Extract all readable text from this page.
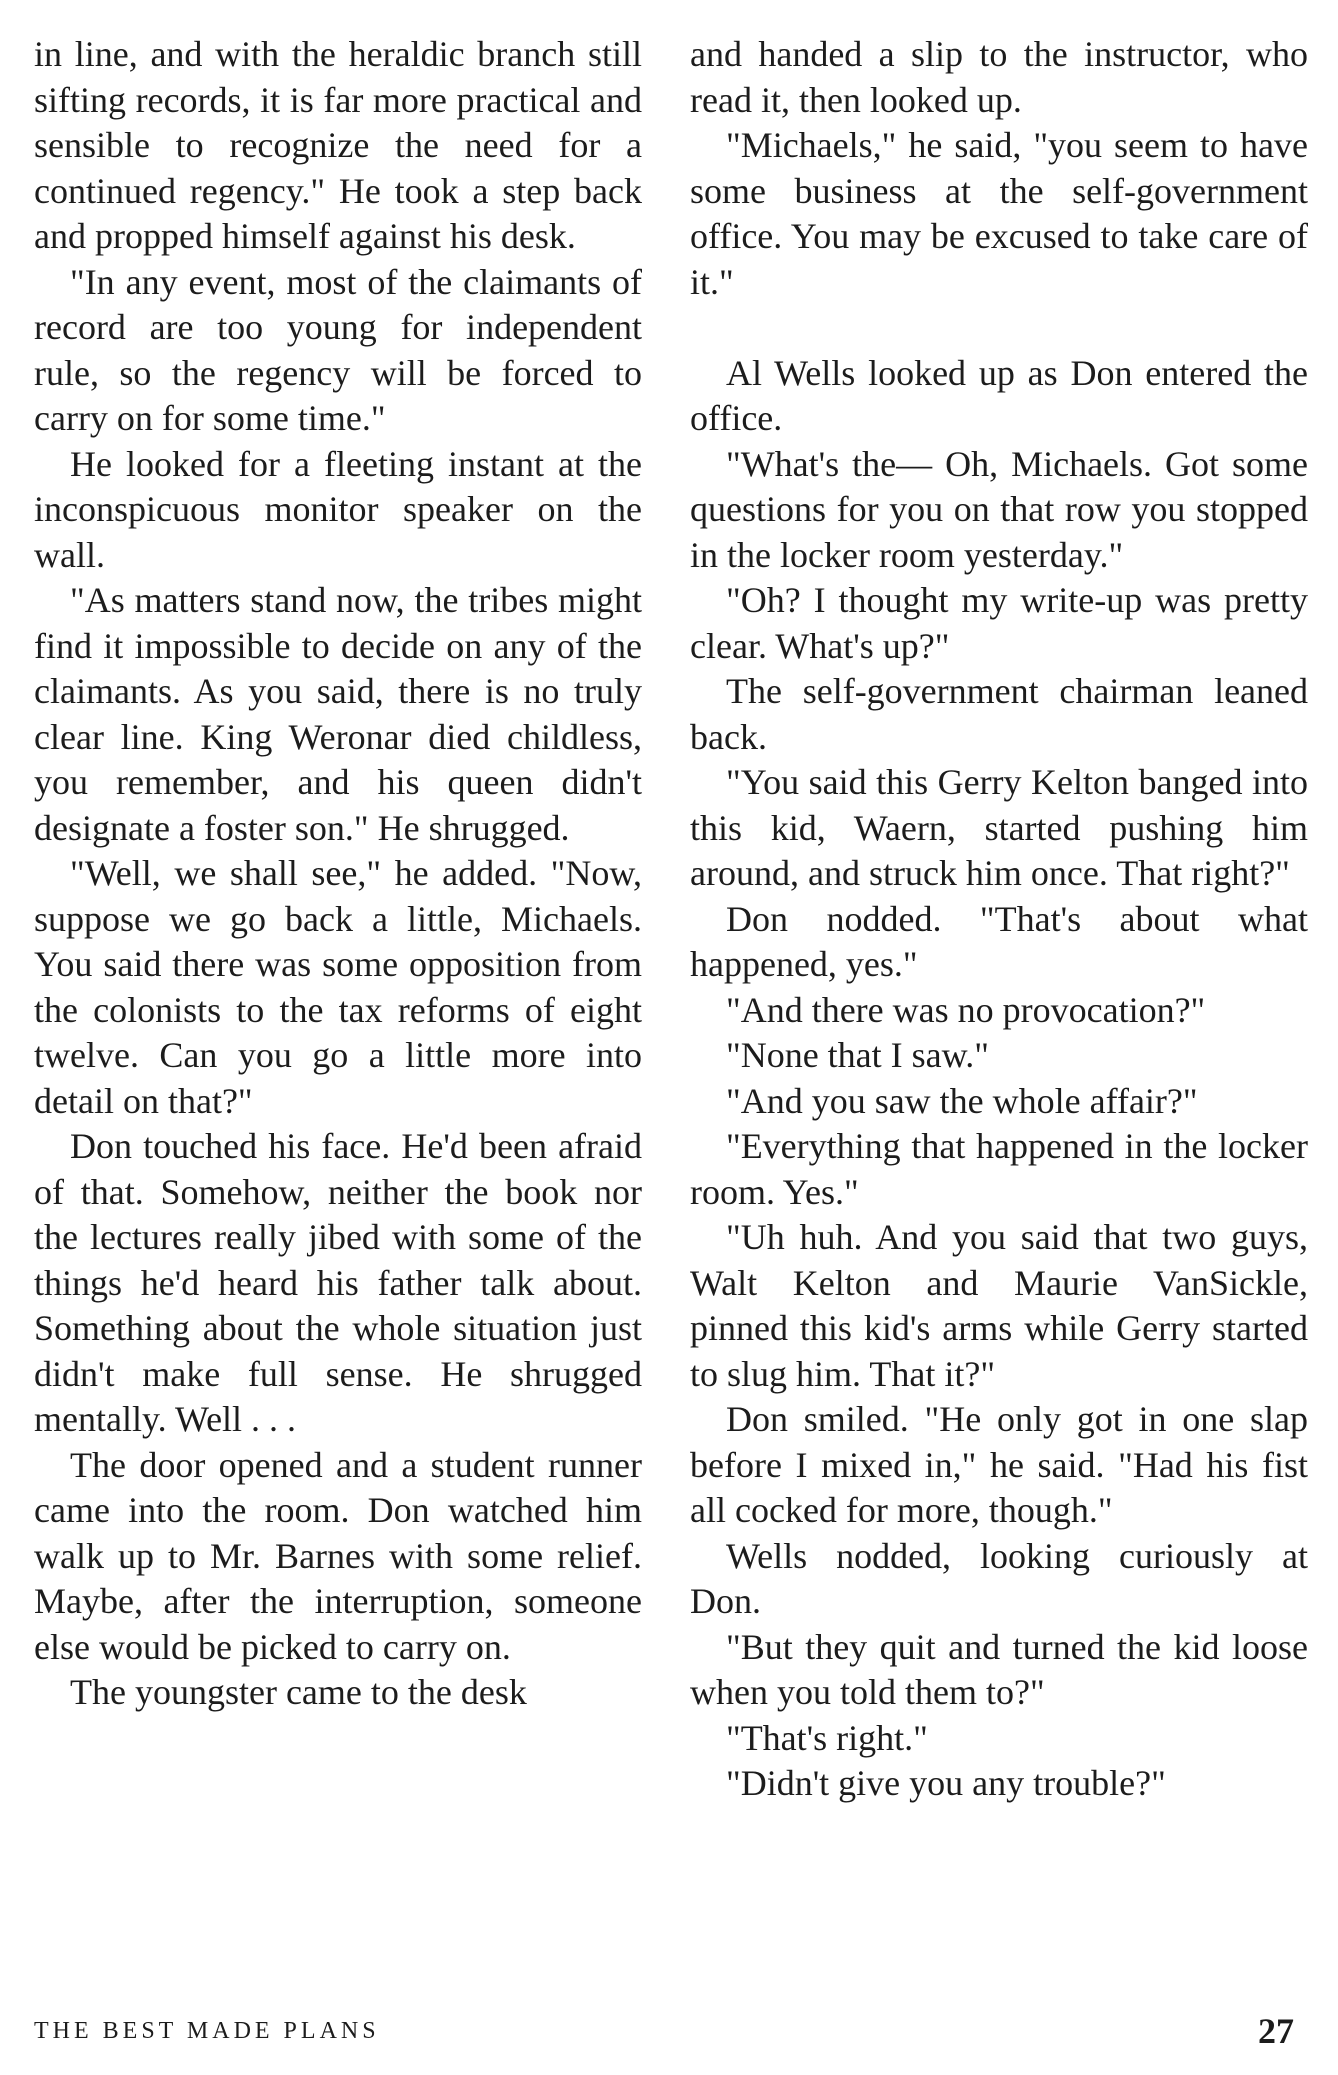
in line, and with the heraldic branch still sifting records, it is far more practical and sensible to recognize the need for a continued regency." He took a step back and propped himself against his desk.

"In any event, most of the claimants of record are too young for independent rule, so the regency will be forced to carry on for some time."

He looked for a fleeting instant at the inconspicuous monitor speaker on the wall.

"As matters stand now, the tribes might find it impossible to decide on any of the claimants. As you said, there is no truly clear line. King Weronar died childless, you remember, and his queen didn't designate a foster son." He shrugged.

"Well, we shall see," he added. "Now, suppose we go back a little, Michaels. You said there was some opposition from the colonists to the tax reforms of eight twelve. Can you go a little more into detail on that?"

Don touched his face. He'd been afraid of that. Somehow, neither the book nor the lectures really jibed with some of the things he'd heard his father talk about. Something about the whole situation just didn't make full sense. He shrugged mentally. Well . . .

The door opened and a student runner came into the room. Don watched him walk up to Mr. Barnes with some relief. Maybe, after the interruption, someone else would be picked to carry on.

The youngster came to the desk

and handed a slip to the instructor, who read it, then looked up.

"Michaels," he said, "you seem to have some business at the self-government office. You may be excused to take care of it."

Al Wells looked up as Don entered the office.

"What's the— Oh, Michaels. Got some questions for you on that row you stopped in the locker room yesterday."

"Oh? I thought my write-up was pretty clear. What's up?"

The self-government chairman leaned back.

"You said this Gerry Kelton banged into this kid, Waern, started pushing him around, and struck him once. That right?"

Don nodded. "That's about what happened, yes."

"And there was no provocation?"

"None that I saw."

"And you saw the whole affair?"

"Everything that happened in the locker room. Yes."

"Uh huh. And you said that two guys, Walt Kelton and Maurie VanSickle, pinned this kid's arms while Gerry started to slug him. That it?"

Don smiled. "He only got in one slap before I mixed in," he said. "Had his fist all cocked for more, though."

Wells nodded, looking curiously at Don.

"But they quit and turned the kid loose when you told them to?"

"That's right."

"Didn't give you any trouble?"

THE BEST MADE PLANS	27
